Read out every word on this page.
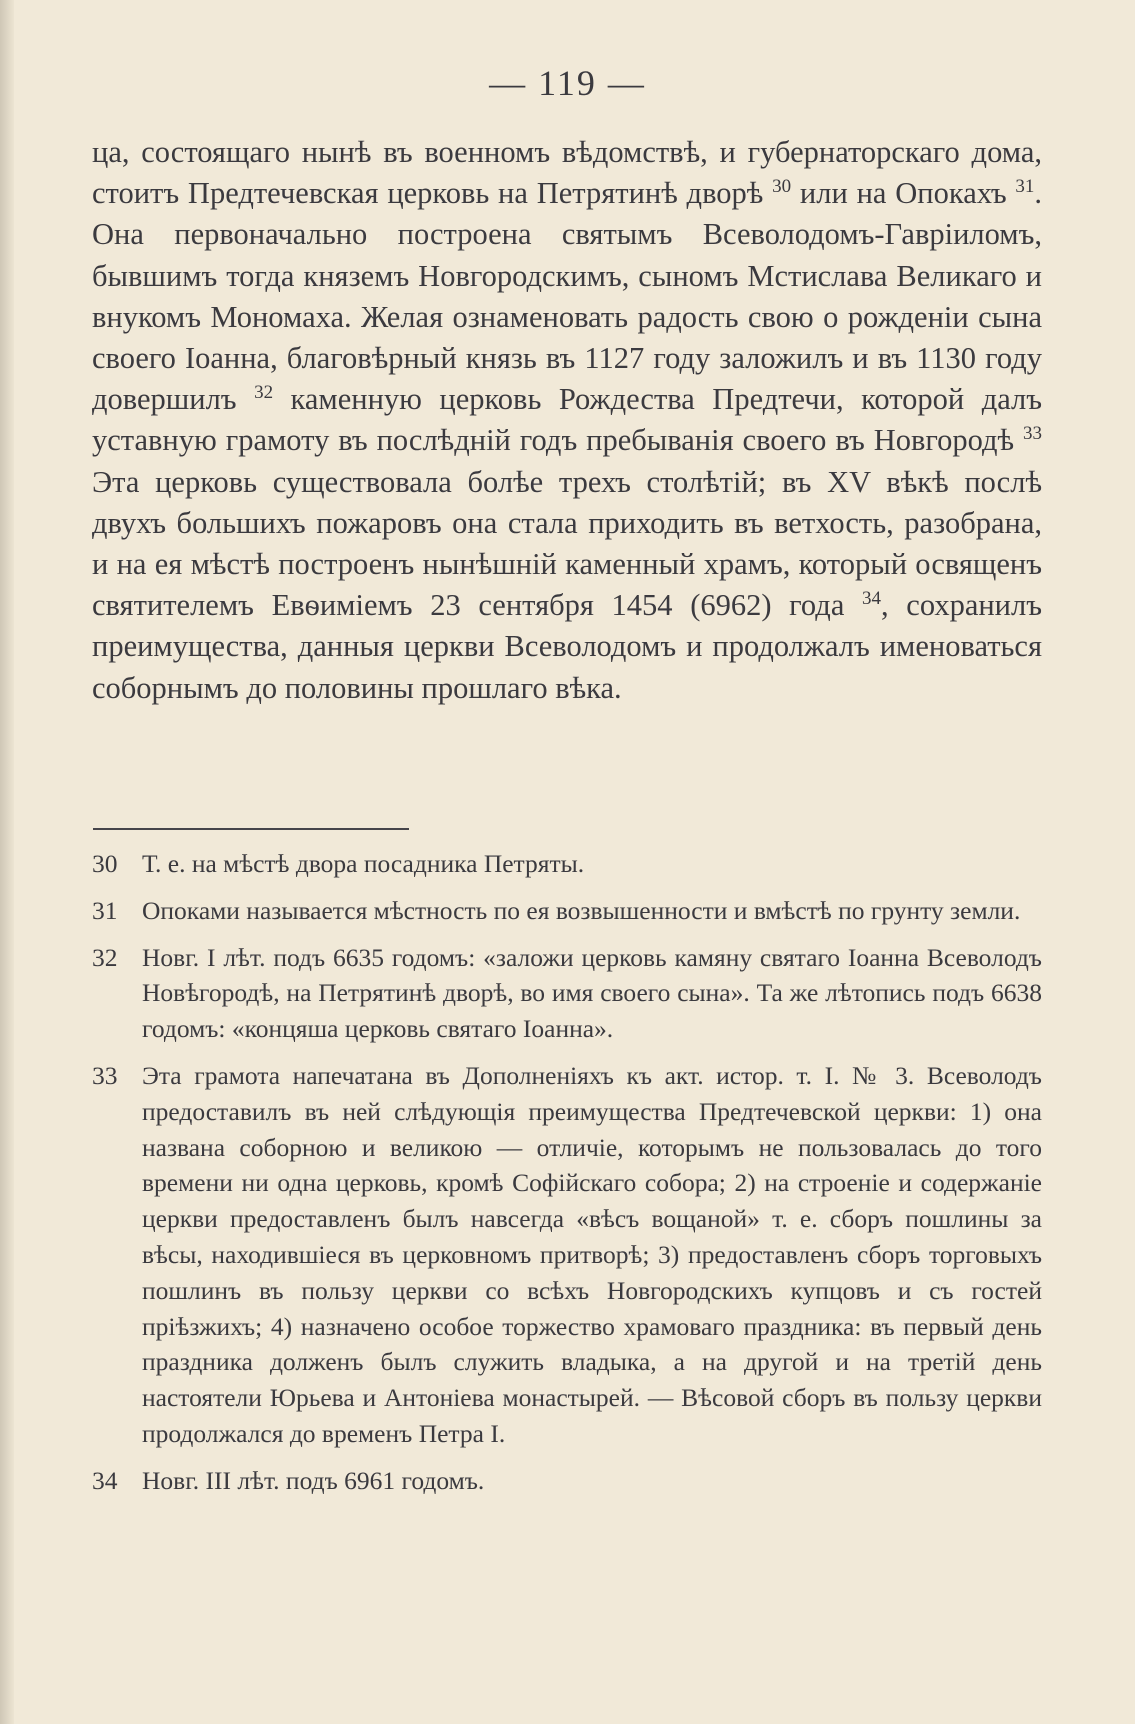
— 119 —

ца, состоящаго нынѣ въ военномъ вѣдомствѣ, и губернаторскаго дома, стоитъ Предтечевская церковь на Петрятинѣ дворѣ $^{30}$ или на Опокахъ $^{31}$. Она первоначально построена святымъ Всеволодомъ-Гавріиломъ, бывшимъ тогда княземъ Новгородскимъ, сыномъ Мстислава Великаго и внукомъ Мономаха. Желая ознаменовать радость свою о рожденіи сына своего Іоанна, благовѣрный князь въ 1127 году заложилъ и въ 1130 году довершилъ $^{32}$ каменную церковь Рождества Предтечи, которой далъ уставную грамоту въ послѣдній годъ пребыванія своего въ Новгородѣ $^{33}$ Эта церковь существовала болѣе трехъ столѣтій; въ XV вѣкѣ послѣ двухъ большихъ пожаровъ она стала приходить въ ветхость, разобрана, и на ея мѣстѣ построенъ нынѣшній каменный храмъ, который освященъ святителемъ Евѳиміемъ 23 сентября 1454 (6962) года $^{34}$, сохранилъ преимущества, данныя церкви Всеволодомъ и продолжалъ именоваться соборнымъ до половины прошлаго вѣка.

30 Т. е. на мѣстѣ двора посадника Петряты.
31 Опоками называется мѣстность по ея возвышенности и вмѣстѣ по грунту земли.
32 Новг. I лѣт. подъ 6635 годомъ: «заложи церковь камяну святаго Іоанна Всеволодъ Новѣгородѣ, на Петрятинѣ дворѣ, во имя своего сына». Та же лѣтопись подъ 6638 годомъ: «концяша церковь святаго Іоанна».
33 Эта грамота напечатана въ Дополненіяхъ къ акт. истор. т. I. № 3. Всеволодъ предоставилъ въ ней слѣдующія преимущества Предтечевской церкви: 1) она названа соборною и великою — отличіе, которымъ не пользовалась до того времени ни одна церковь, кромѣ Софійскаго собора; 2) на строеніе и содержаніе церкви предоставленъ былъ навсегда «вѣсъ вощаной» т. е. сборъ пошлины за вѣсы, находившіеся въ церковномъ притворѣ; 3) предоставленъ сборъ торговыхъ пошлинъ въ пользу церкви со всѣхъ Новгородскихъ купцовъ и съ гостей пріѣзжихъ; 4) назначено особое торжество храмоваго праздника: въ первый день праздника долженъ былъ служить владыка, а на другой и на третій день настоятели Юрьева и Антоніева монастырей. — Вѣсовой сборъ въ пользу церкви продолжался до временъ Петра I.
34 Новг. III лѣт. подъ 6961 годомъ.
